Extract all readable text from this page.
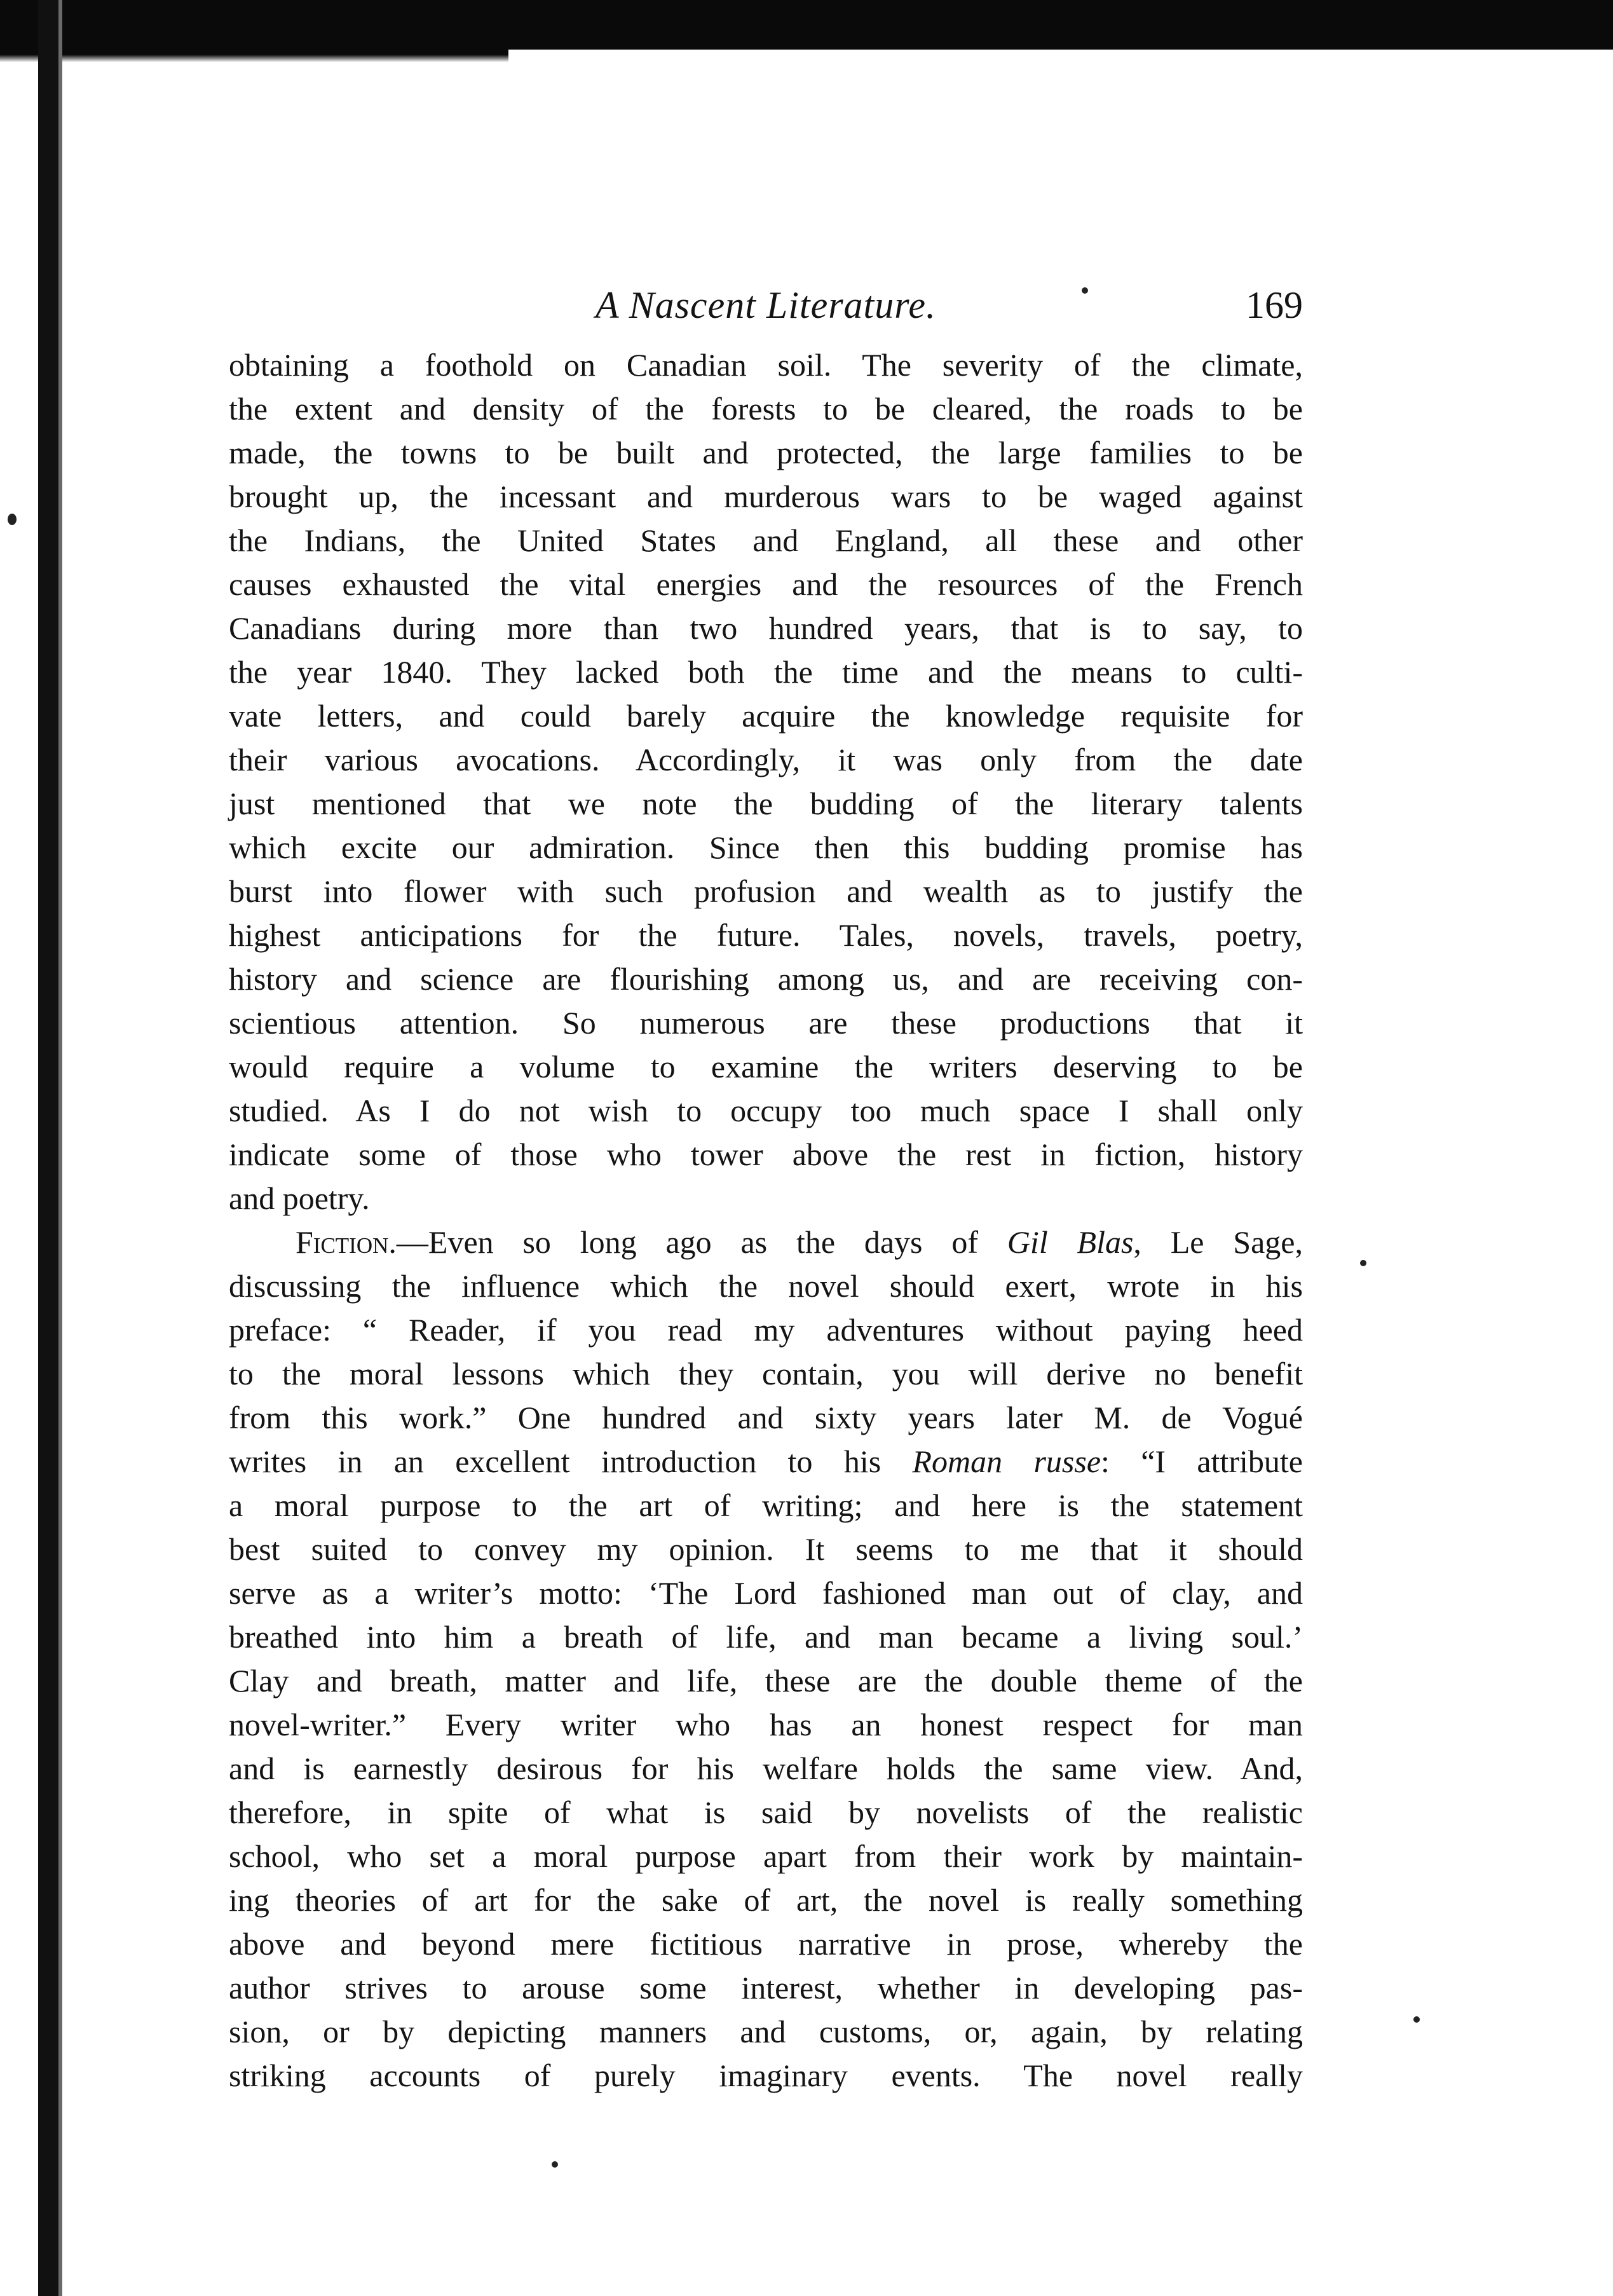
A Nascent Literature.	169
obtaining a foothold on Canadian soil. The severity of the climate,
the extent and density of the forests to be cleared, the roads to be
made, the towns to be built and protected, the large families to be
brought up, the incessant and murderous wars to be waged against
the Indians, the United States and England, all these and other
causes exhausted the vital energies and the resources of the French
Canadians during more than two hundred years, that is to say, to
the year 1840. They lacked both the time and the means to culti-
vate letters, and could barely acquire the knowledge requisite for
their various avocations. Accordingly, it was only from the date
just mentioned that we note the budding of the literary talents
which excite our admiration. Since then this budding promise has
burst into flower with such profusion and wealth as to justify the
highest anticipations for the future. Tales, novels, travels, poetry,
history and science are flourishing among us, and are receiving con-
scientious attention. So numerous are these productions that it
would require a volume to examine the writers deserving to be
studied. As I do not wish to occupy too much space I shall only
indicate some of those who tower above the rest in fiction, history
and poetry.
Fiction.—Even so long ago as the days of Gil Blas, Le Sage,
discussing the influence which the novel should exert, wrote in his
preface: “ Reader, if you read my adventures without paying heed
to the moral lessons which they contain, you will derive no benefit
from this work.” One hundred and sixty years later M. de Vogué
writes in an excellent introduction to his Roman russe: “I attribute
a moral purpose to the art of writing; and here is the statement
best suited to convey my opinion. It seems to me that it should
serve as a writer’s motto: ‘The Lord fashioned man out of clay, and
breathed into him a breath of life, and man became a living soul.’
Clay and breath, matter and life, these are the double theme of the
novel-writer.” Every writer who has an honest respect for man
and is earnestly desirous for his welfare holds the same view. And,
therefore, in spite of what is said by novelists of the realistic
school, who set a moral purpose apart from their work by maintain-
ing theories of art for the sake of art, the novel is really something
above and beyond mere fictitious narrative in prose, whereby the
author strives to arouse some interest, whether in developing pas-
sion, or by depicting manners and customs, or, again, by relating
striking accounts of purely imaginary events. The novel really
